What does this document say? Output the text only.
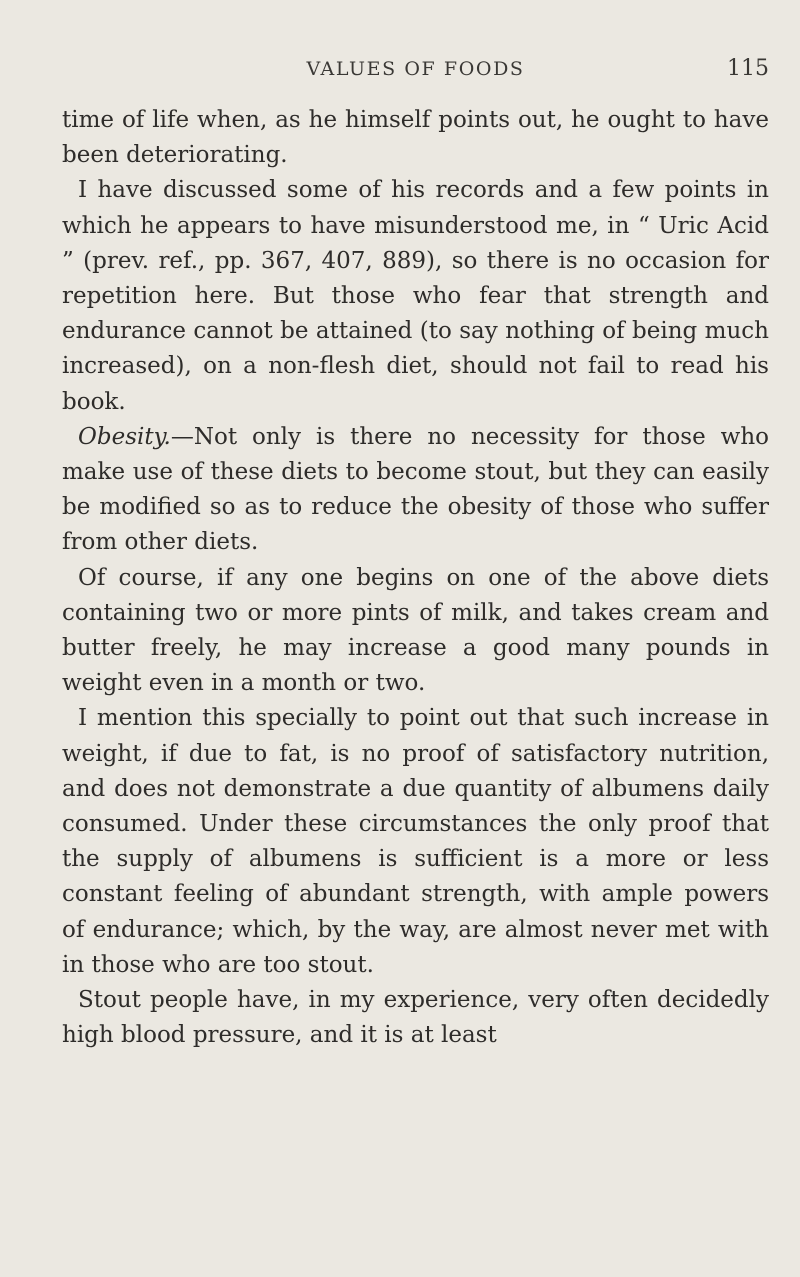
VALUES OF FOODS	115

time of life when, as he himself points out, he ought to have been deteriorating.

I have discussed some of his records and a few points in which he appears to have misunderstood me, in “ Uric Acid ” (prev. ref., pp. 367, 407, 889), so there is no occasion for repetition here. But those who fear that strength and endurance cannot be attained (to say nothing of being much increased), on a non-flesh diet, should not fail to read his book.

Obesity.—Not only is there no necessity for those who make use of these diets to become stout, but they can easily be modified so as to reduce the obesity of those who suffer from other diets.

Of course, if any one begins on one of the above diets containing two or more pints of milk, and takes cream and butter freely, he may increase a good many pounds in weight even in a month or two.

I mention this specially to point out that such increase in weight, if due to fat, is no proof of satisfactory nutrition, and does not demonstrate a due quantity of albumens daily consumed. Under these circumstances the only proof that the supply of albumens is sufficient is a more or less constant feeling of abundant strength, with ample powers of endurance; which, by the way, are almost never met with in those who are too stout.

Stout people have, in my experience, very often decidedly high blood pressure, and it is at least
